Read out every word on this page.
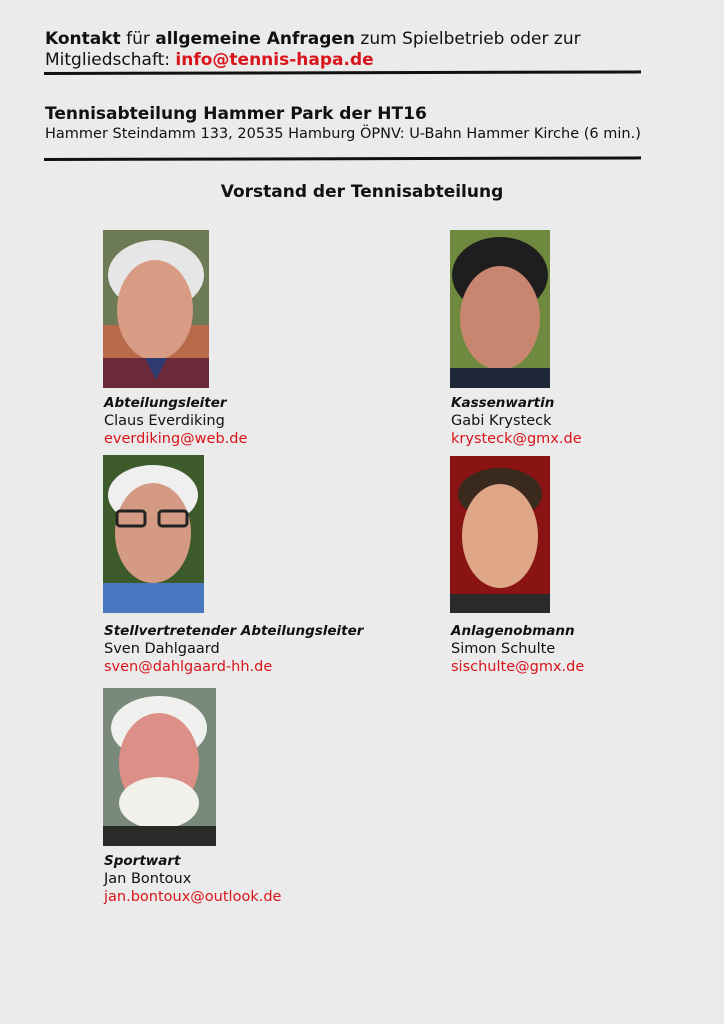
Kontakt für allgemeine Anfragen zum Spielbetrieb oder zur Mitgliedschaft: info@tennis-hapa.de
Tennisabteilung Hammer Park der HT16
Hammer Steindamm 133, 20535 Hamburg ÖPNV: U-Bahn Hammer Kirche (6 min.)
Vorstand der Tennisabteilung
Abteilungsleiter
Claus Everdiking
everdiking@web.de
Kassenwartin
Gabi Krysteck
krysteck@gmx.de
Stellvertretender Abteilungsleiter
Sven Dahlgaard
sven@dahlgaard-hh.de
Anlagenobmann
Simon Schulte
sischulte@gmx.de
Sportwart
Jan Bontoux
jan.bontoux@outlook.de
